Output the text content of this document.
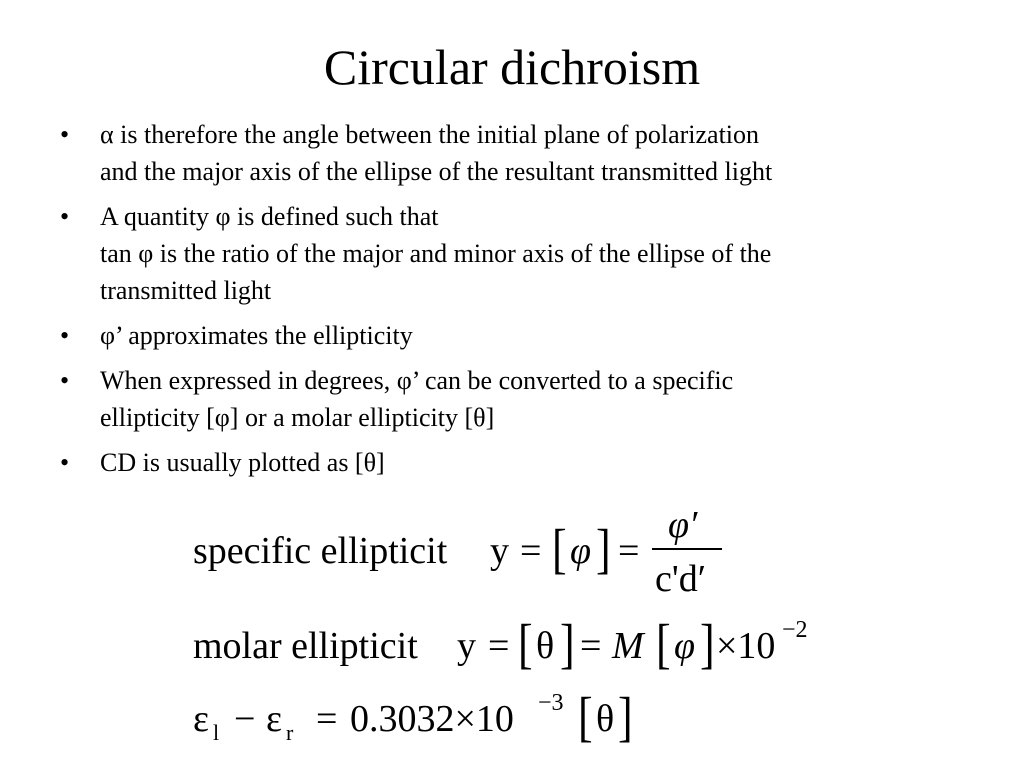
Circular dichroism
•	α is therefore the angle between the initial plane of polarization
and the major axis of the ellipse of the resultant transmitted light
•	A quantity φ is defined such that
tan φ is the ratio of the major and minor axis of the ellipse of the
transmitted light
•	φ’ approximates the ellipticity
•	When expressed in degrees, φ’ can be converted to a specific
ellipticity [φ] or a molar ellipticity [θ]
•	CD is usually plotted as [θ]
specific ellipticit y = [ φ ] =
φ′
c'd′
molar ellipticit y = [ θ ] = M [ φ ] ×10 −2
ε l − ε r = 0.3032×10 −3 [ θ ]
